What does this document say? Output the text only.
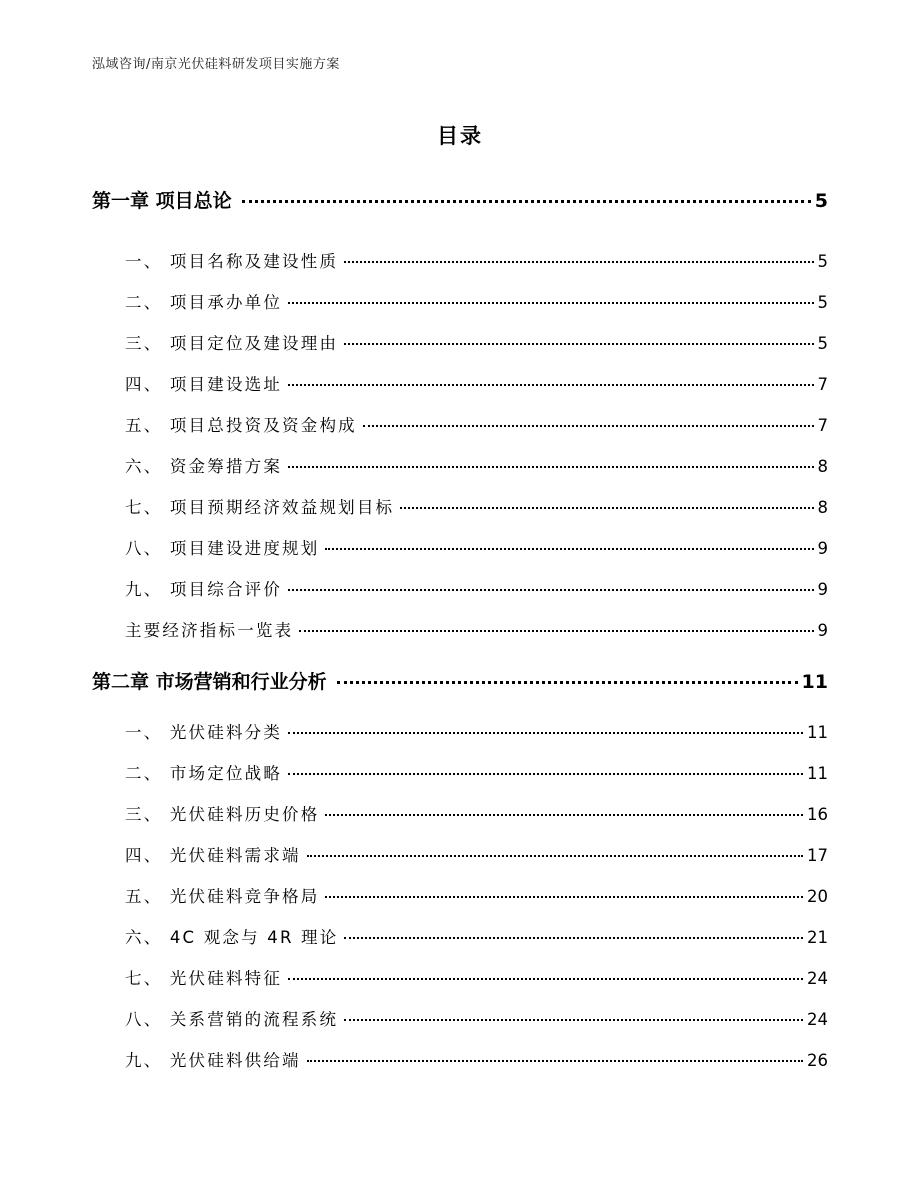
泓域咨询/南京光伏硅料研发项目实施方案
目录
第一章 项目总论	5
一、 项目名称及建设性质	5
二、 项目承办单位	5
三、 项目定位及建设理由	5
四、 项目建设选址	7
五、 项目总投资及资金构成	7
六、 资金筹措方案	8
七、 项目预期经济效益规划目标	8
八、 项目建设进度规划	9
九、 项目综合评价	9
主要经济指标一览表	9
第二章 市场营销和行业分析	11
一、 光伏硅料分类	11
二、 市场定位战略	11
三、 光伏硅料历史价格	16
四、 光伏硅料需求端	17
五、 光伏硅料竞争格局	20
六、 4C 观念与 4R 理论	21
七、 光伏硅料特征	24
八、 关系营销的流程系统	24
九、 光伏硅料供给端	26
